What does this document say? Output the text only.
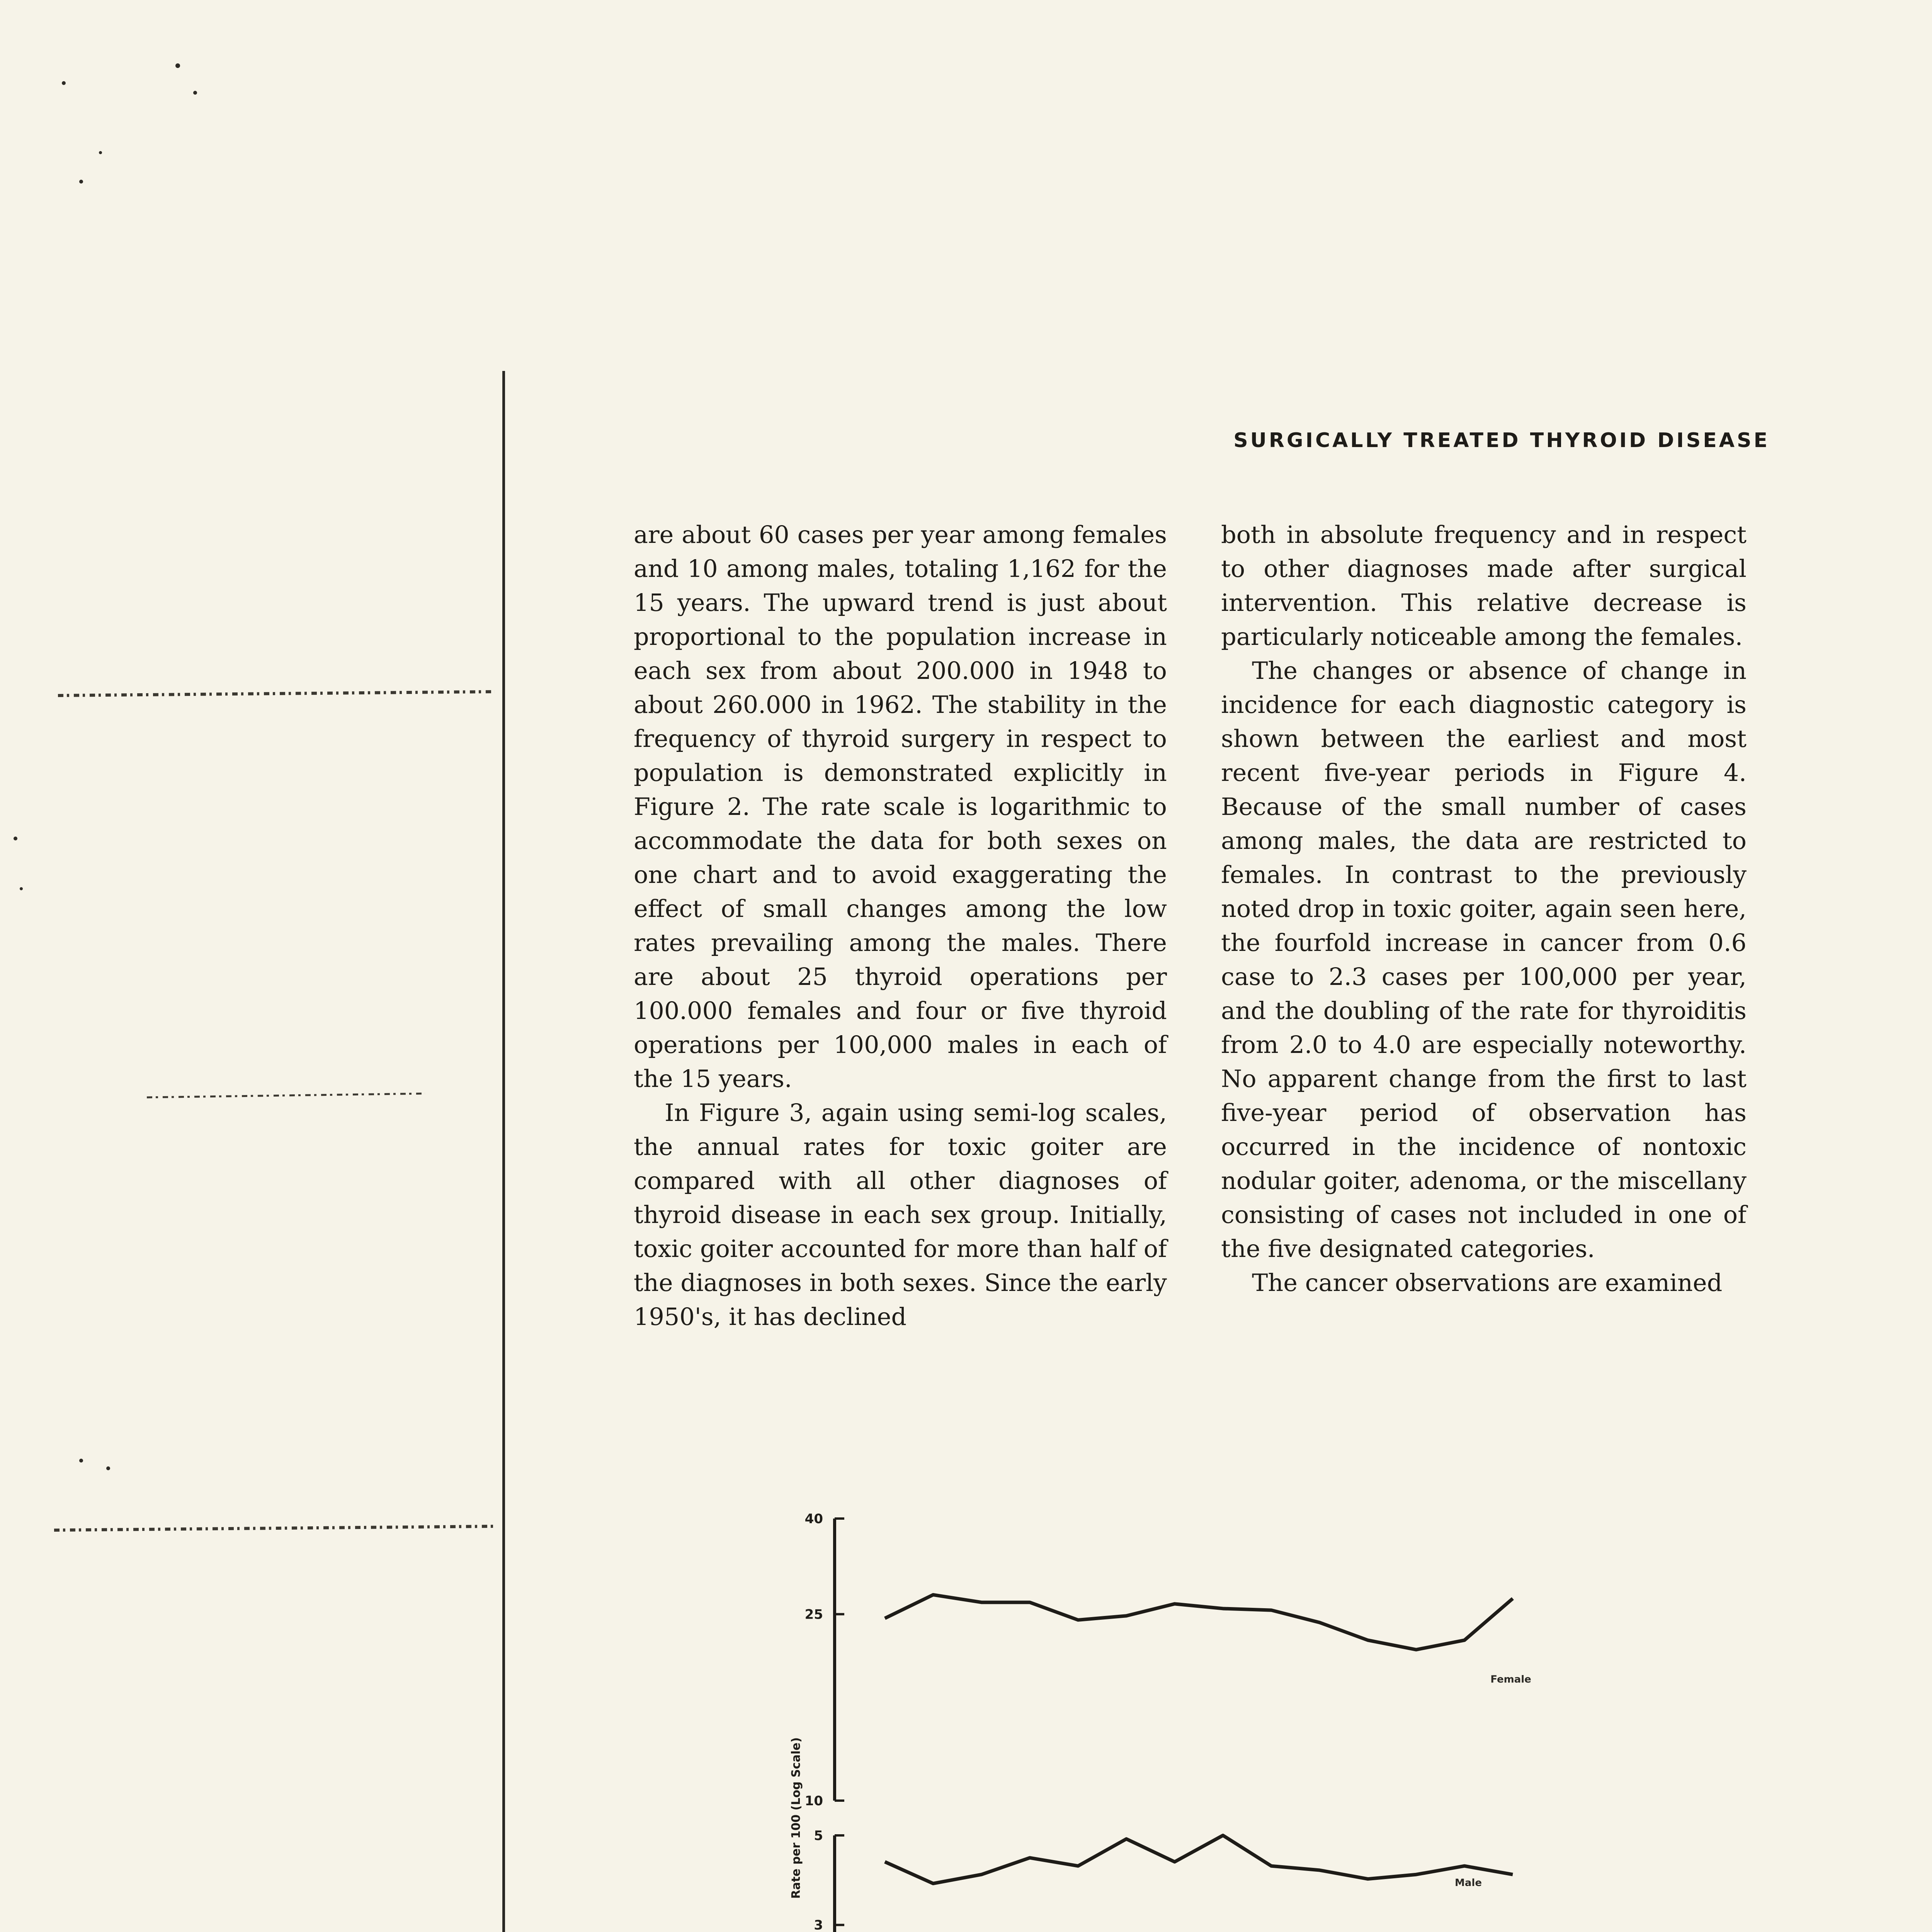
SURGICALLY TREATED THYROID DISEASE

are about 60 cases per year among females and 10 among males, totaling 1,162 for the 15 years. The upward trend is just about proportional to the population increase in each sex from about 200.000 in 1948 to about 260.000 in 1962. The stability in the frequency of thyroid surgery in respect to population is demonstrated explicitly in Figure 2. The rate scale is logarithmic to accommodate the data for both sexes on one chart and to avoid exaggerating the effect of small changes among the low rates prevailing among the males. There are about 25 thyroid operations per 100.000 females and four or five thyroid operations per 100,000 males in each of the 15 years.

In Figure 3, again using semi-log scales, the annual rates for toxic goiter are compared with all other diagnoses of thyroid disease in each sex group. Initially, toxic goiter accounted for more than half of the diagnoses in both sexes. Since the early 1950's, it has declined

both in absolute frequency and in respect to other diagnoses made after surgical intervention. This relative decrease is particularly noticeable among the females.

The changes or absence of change in incidence for each diagnostic category is shown between the earliest and most recent five-year periods in Figure 4. Because of the small number of cases among males, the data are restricted to females. In contrast to the previously noted drop in toxic goiter, again seen here, the fourfold increase in cancer from 0.6 case to 2.3 cases per 100,000 per year, and the doubling of the rate for thyroiditis from 2.0 to 4.0 are especially noteworthy. No apparent change from the first to last five-year period of observation has occurred in the incidence of nontoxic nodular goiter, adenoma, or the miscellany consisting of cases not included in one of the five designated categories.

The cancer observations are examined

40
25
10
5
3
Rate per 100 (Log Scale)
Female
Male
